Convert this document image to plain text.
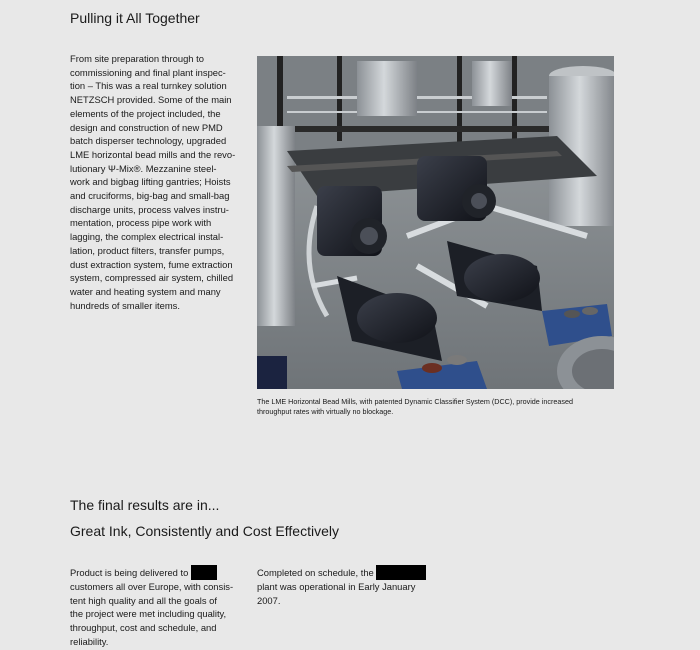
Pulling it All Together
From site preparation through to
commissioning and final plant inspec-
tion – This was a real turnkey solution
NETZSCH provided. Some of the main
elements of the project included, the
design and construction of new PMD
batch disperser technology, upgraded
LME horizontal bead mills and the revo-
lutionary Ψ-Mix®. Mezzanine steel-
work and bigbag lifting gantries; Hoists
and cruciforms, big-bag and small-bag
discharge units, process valves instru-
mentation, process pipe work with
lagging, the complex electrical instal-
lation, product filters, transfer pumps,
dust extraction system, fume extraction
system, compressed air system, chilled
water and heating system and many
hundreds of smaller items.
The LME Horizontal Bead Mills, with patented Dynamic Classifier System (DCC), provide increased
throughput rates with virtually no blockage.
The final results are in...
Great Ink, Consistently and Cost Effectively
Product is being delivered to
customers all over Europe, with consis-
tent high quality and all the goals of
the project were met including quality,
throughput, cost and schedule, and
reliability.
Completed on schedule, the
plant was operational in Early January
2007.
